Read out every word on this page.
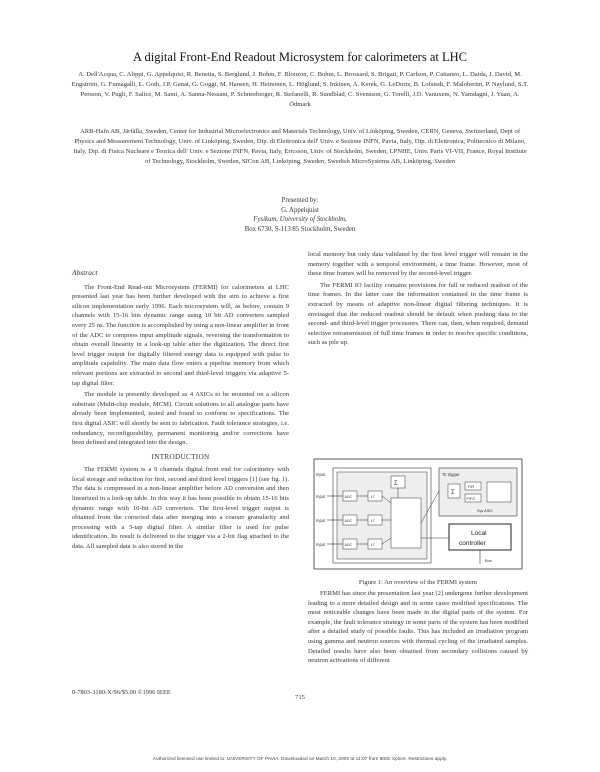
A digital Front-End Readout Microsystem for calorimeters at LHC
A. Dell'Acqua, C. Alippi, G. Appelquist, R. Benetta, S. Berglund, J. Bohm, F. Blouzon, C. Bohm, L. Brossard, S. Brigati, P. Carlson, P. Cattaneo, L. Daida, J. David, M. Engström, G. Fumagalli, L. Goth, J.P. Genat, G. Goggi, M. Hansen, H. Heinonen, L. Höglund, S. Inkinen, A. Kerek, G. LeDortz, B. Lofstedt, F. Malobertin, P. Naylund, S.T. Persson, V. Pugli, F. Salice, M. Sami, A. Sanna-Nessant, P. Schneeberger, R. Stefanelli, R. Sundblad, C. Svensson, G. Torelli, J.D. Vanuxem, N. Yamdagni, J. Yuan, A. Ödmark
ARB-Hafn AB, Järfälla, Sweden, Center for Industrial Microelectronics and Materials Technology, Univ. of Linköping, Sweden, CERN, Geneva, Switzerland, Dept of Physics and Measurement Technology, Univ. of Linköping, Sweden, Dip. di Elettronica dell' Univ. e Sezione INFN, Pavia, Italy, Dip. di Elettronica, Politecnico di Milano, Italy, Dip. di Fisica Nucleare e Teorica dell' Univ. e Sezione INFN, Pavia, Italy, Ericsson, Univ. of Stockholm, Sweden, LPNHE, Univ. Paris VI-VII, France, Royal Institute of Technology, Stockholm, Sweden, SICon AB, Linköping, Sweden, Swedish MicroSystems AB, Linköping, Sweden
Presented by:
G. Appelquist
Fysikum, University of Stockholm,
Box 6730, S-113 85 Stockholm, Sweden
Abstract

The Front-End Read-out Microsystem (FERMI) for calorimeters at LHC presented last year has been further developed with the aim to achieve a first silicon implementation early 1996. Each microsystem will, as before, contain 9 channels with 15-16 bits dynamic range using 10 bit AD converters sampled every 25 ns. The function is accomplished by using a non-linear amplifier in front of the ADC to compress input amplitude signals, reversing the transformation to obtain overall linearity in a look-up table after the digitization. The direct first level trigger output for digitally filtered energy data is equipped with pulse to amplitude capability. The main data flow enters a pipeline memory from which relevant portions are extracted to second and third-level triggers via adaptive 5-tap digital filter.

The module is presently developed as 4 ASICs to be mounted on a silicon substrate (Multi-chip module, MCM). Circuit solutions to all analogue parts have already been implemented, tested and found to conform to specifications. The first digital ASIC will shortly be sent to fabrication. Fault tolerance strategies, i.e. redundancy, reconfigurability, permanent monitoring and/or corrections have been defined and integrated into the design.

INTRODUCTION

The FERMI system is a 9 channels digital front end for calorimetry with local storage and reduction for first, second and third level triggers [1] (see fig. 1). The data is compressed in a non-linear amplifier before AD conversion and then linearized in a look-up table. In this way it has been possible to obtain 15-16 bits dynamic range with 10-bit AD converters. The first-level trigger output is obtained from the corrected data after merging into a coarser granularity and processing with a 5-tap digital filter. A similar filter is used for pulse identification. Its result is delivered to the trigger via a 2-bit flag attached to the data. All sampled data is also stored in the

local memory but only data validated by the first level trigger will remain in the memory together with a temporal environment, a time frame. However, most of these time frames will be removed by the second-level trigger.

The FERMI IO facility contains provisions for full or reduced readout of the time frames. In the latter case the information contained in the time frame is extracted by means of adaptive non-linear digital filtering techniques. It is envisaged that the reduced readout should be default when pushing data to the second- and third-level trigger processors. There can, then, when required, demand selective retransmission of full time frames in order to resolve specific conditions, such as pile up.

Input
Input
Input
Input
ADC
ADC
ADC
LT
LT
LT
Σ
To trigger
Σ
FIR
FIFO
Sys ASIC
Local
controller
Bus
Figure 1: An overview of the FERMI system

FERMI has since the presentation last year [2] undergone further development leading to a more detailed design and in some cases modified specifications. The most noticeable changes have been made in the digital parts of the system. For example, the fault tolerance strategy in some parts of the system has been modified after a detailed study of possible faults. This has included an irradiation program using gamma and neutron sources with thermal cycling of the irradiated samples. Detailed results have also been obtained from secondary collisions caused by neutron activations of different

0-7803-3180-X/96/$5.00 ©1996 IEEE
715
Authorized licensed use limited to: UNIVERSITY OF PAVIA. Downloaded on March 10, 2009 at 11:07 from IEEE Xplore. Restrictions apply.
